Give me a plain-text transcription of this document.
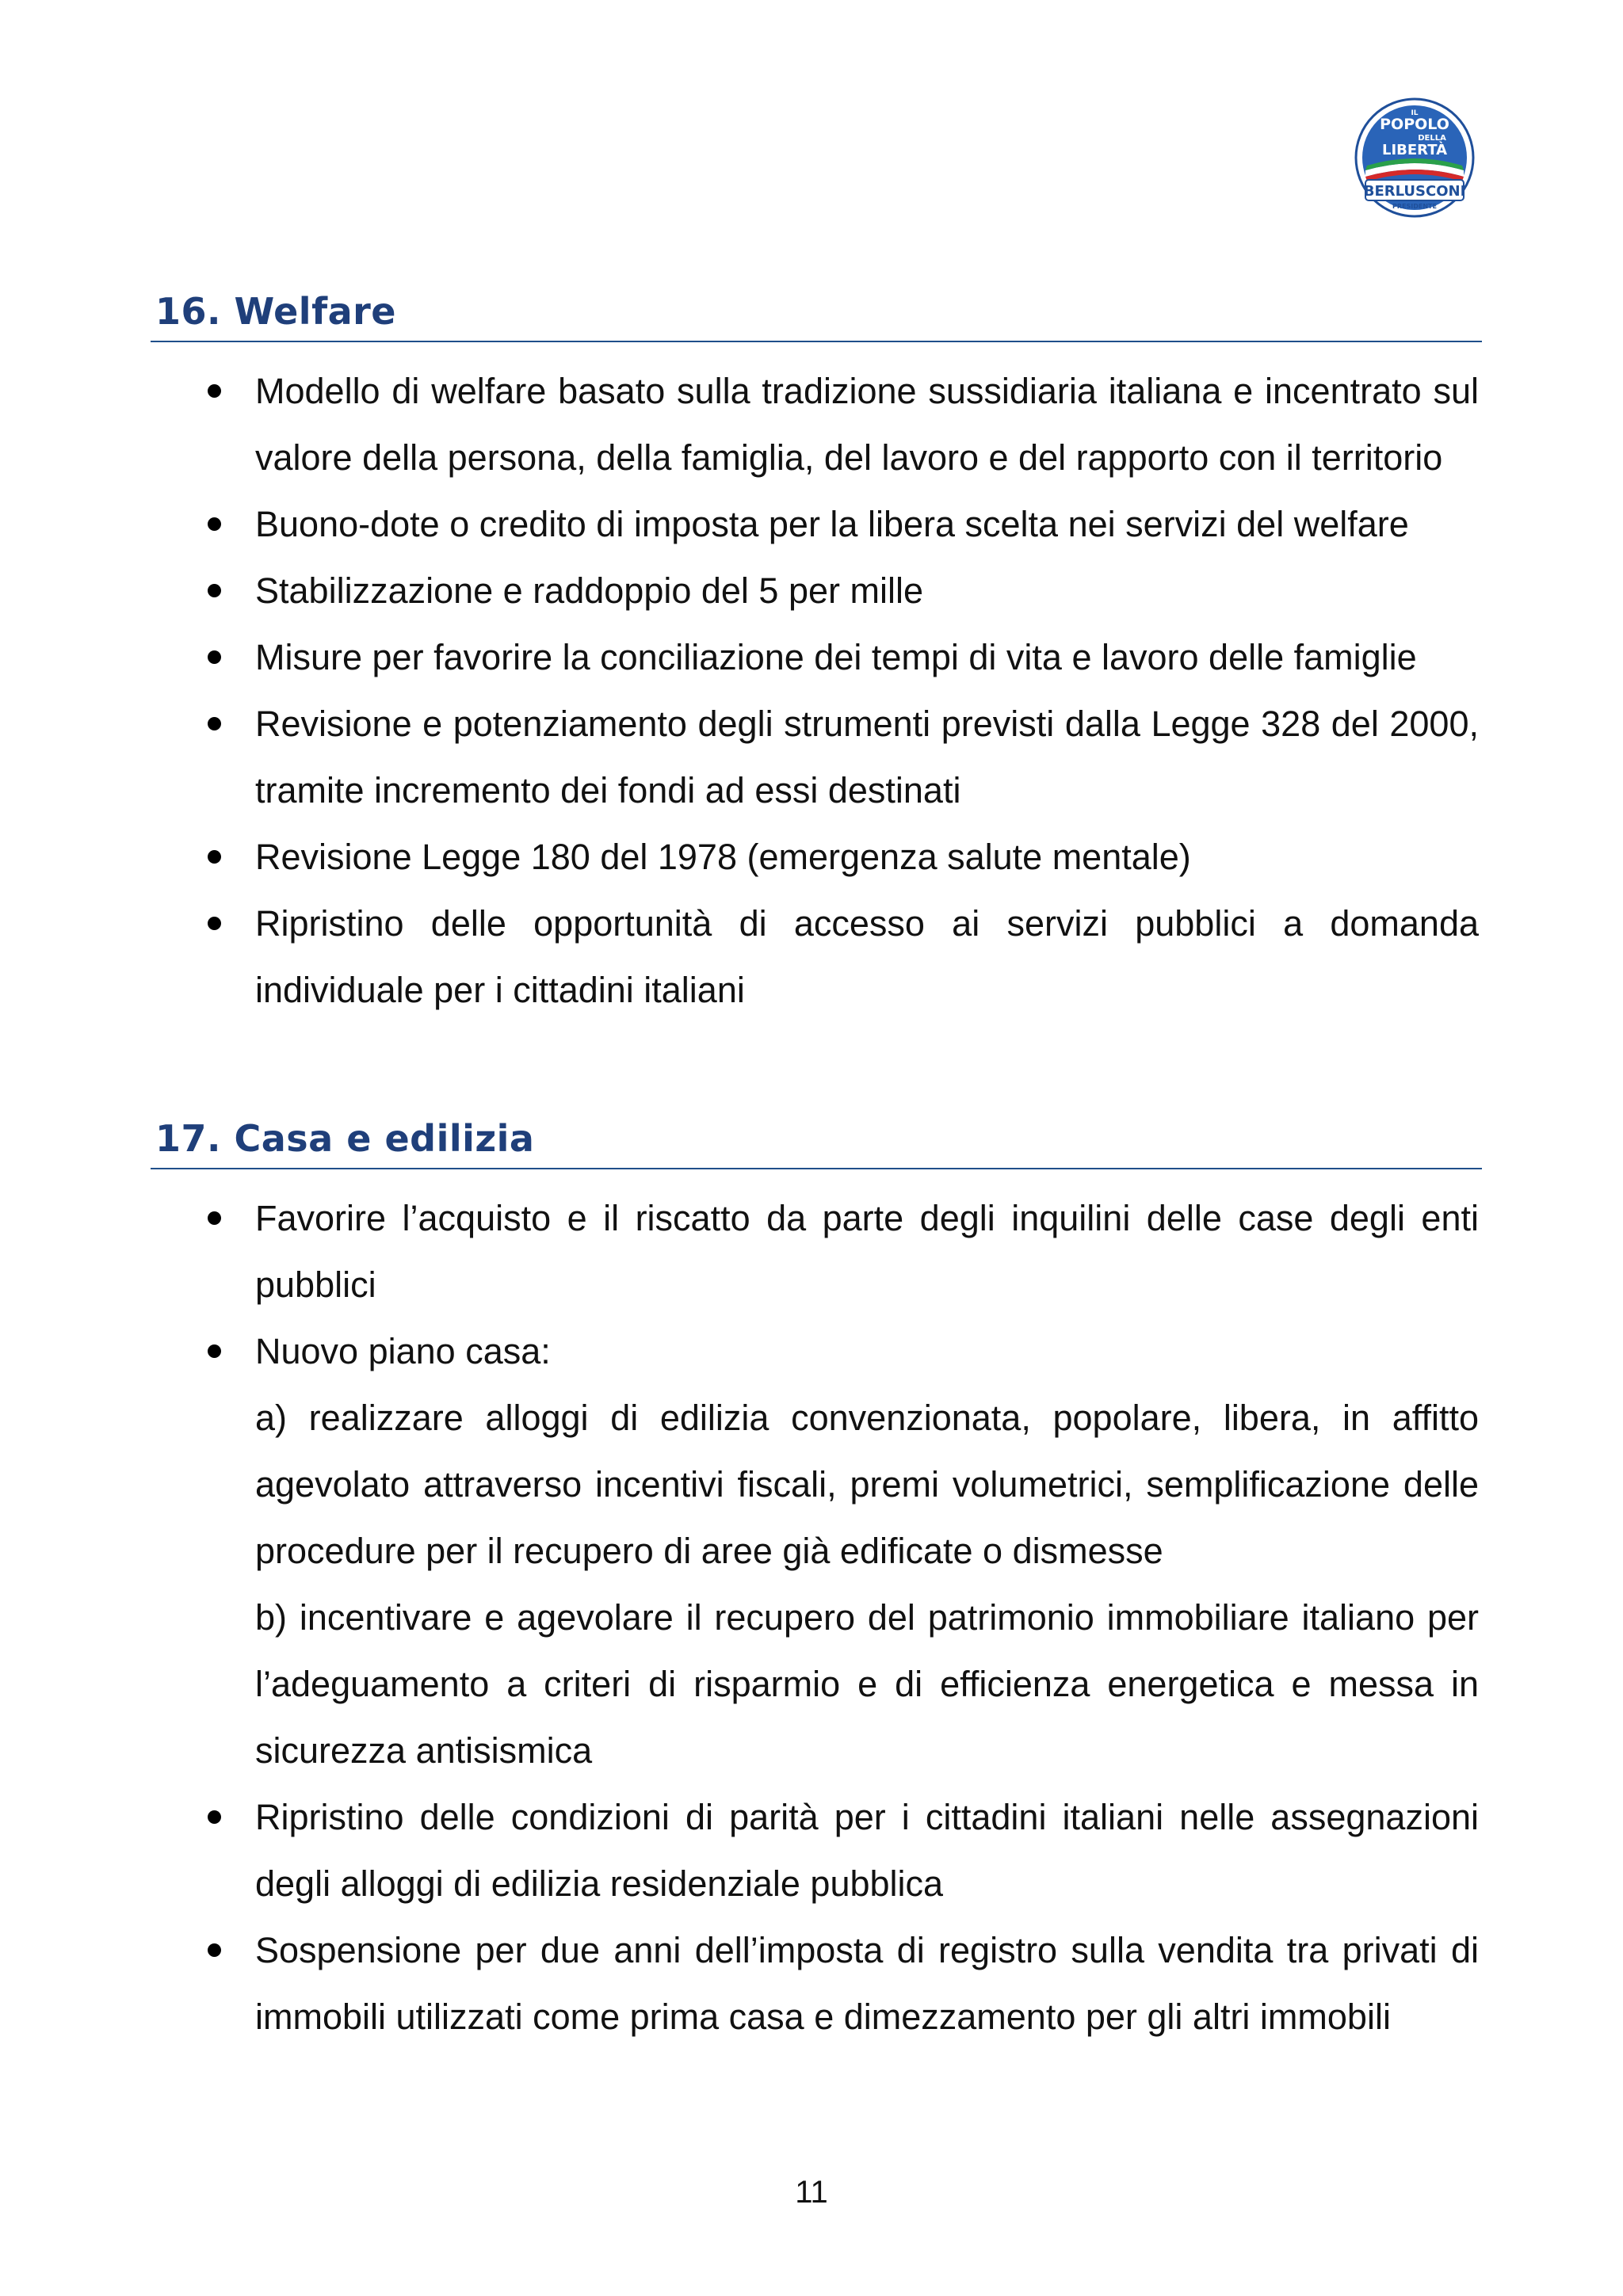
IL
POPOLO
DELLA
LIBERTÀ
BERLUSCONI
PRESIDENTE
16. Welfare
Modello di welfare basato sulla tradizione sussidiaria italiana e incentrato sul valore della persona, della famiglia, del lavoro e del rapporto con il territorio
Buono-dote o credito di imposta per la libera scelta nei servizi del welfare
Stabilizzazione e raddoppio del 5 per mille
Misure per favorire la conciliazione dei tempi di vita e lavoro delle famiglie
Revisione e potenziamento degli strumenti previsti dalla Legge 328 del 2000, tramite incremento dei fondi ad essi destinati
Revisione Legge 180 del 1978 (emergenza salute mentale)
Ripristino delle opportunità di accesso ai servizi pubblici a domanda individuale per i cittadini italiani
17. Casa e edilizia
Favorire l’acquisto e il riscatto da parte degli inquilini delle case degli enti pubblici
Nuovo piano casa:
a) realizzare alloggi di edilizia convenzionata, popolare, libera, in affitto agevolato attraverso incentivi fiscali, premi volumetrici, semplificazione delle procedure per il recupero di aree già edificate o dismesse
b) incentivare e agevolare il recupero del patrimonio immobiliare italiano per l’adeguamento a criteri di risparmio e di efficienza energetica e messa in sicurezza antisismica
Ripristino delle condizioni di parità per i cittadini italiani nelle assegnazioni degli alloggi di edilizia residenziale pubblica
Sospensione per due anni dell’imposta di registro sulla vendita tra privati di immobili utilizzati come prima casa e dimezzamento per gli altri immobili
11
